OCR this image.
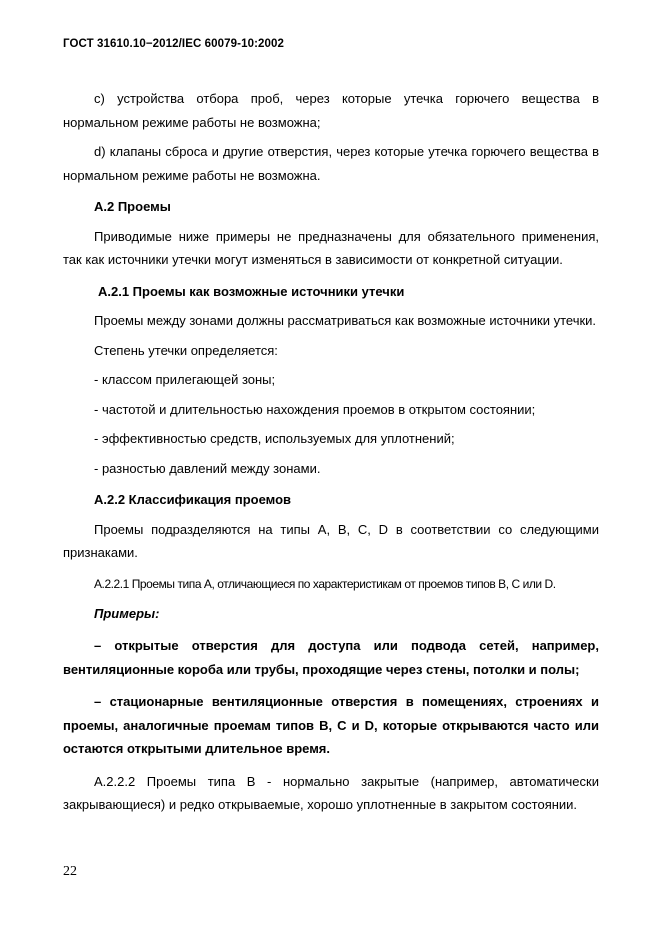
ГОСТ 31610.10−2012/IEC 60079-10:2002

c) устройства отбора проб, через которые утечка горючего вещества в нормальном режиме работы не возможна;

d) клапаны сброса и другие отверстия, через которые утечка горючего вещества в нормальном режиме работы не возможна.

А.2 Проемы

Приводимые ниже примеры не предназначены для обязательного применения, так как источники утечки могут изменяться в зависимости от конкретной ситуации.

А.2.1 Проемы как возможные источники утечки

Проемы между зонами должны рассматриваться как возможные источники утечки.

Степень утечки определяется:

- классом прилегающей зоны;

- частотой и длительностью нахождения проемов в открытом состоянии;

- эффективностью средств, используемых для уплотнений;

- разностью давлений между зонами.

А.2.2 Классификация проемов

Проемы подразделяются на типы А, В, С, D в соответствии со следующими признаками.

А.2.2.1 Проемы типа А, отличающиеся по характеристикам от проемов типов В, С или D.

Примеры:

– открытые отверстия для доступа или подвода сетей, например, вентиляционные короба или трубы, проходящие через стены, потолки и полы;

– стационарные вентиляционные отверстия в помещениях, строениях и проемы, аналогичные проемам типов В, С и D, которые открываются часто или остаются открытыми длительное время.

А.2.2.2 Проемы типа В - нормально закрытые (например, автоматически закрывающиеся) и редко открываемые, хорошо уплотненные в закрытом состоянии.

22
